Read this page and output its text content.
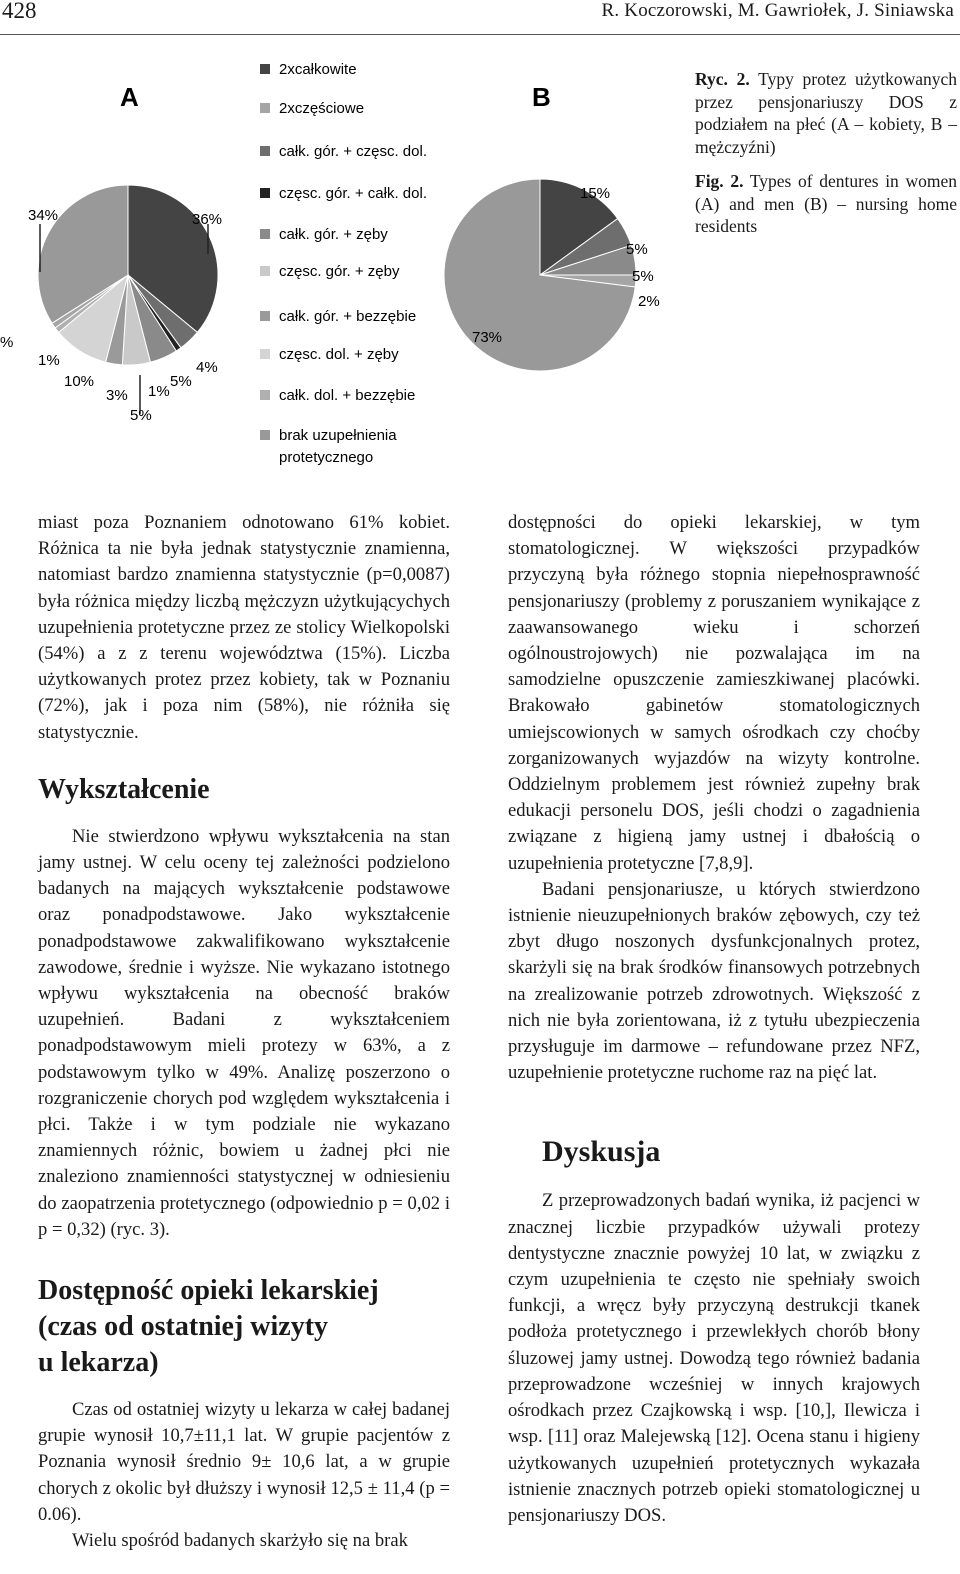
428	R. Koczorowski, M. Gawriołek, J. Siniawska
A	B
36%
4%
5%
1%
5%
3%
10%
1%
%
34%
15%
5%
5%
2%
73%
2xcałkowite
2xczęściowe
całk. gór. + częsc. dol.
częsc. gór. + całk. dol.
całk. gór. + zęby
częsc. gór. + zęby
całk. gór. + bezzębie
częsc. dol. + zęby
całk. dol. + bezzębie
brak uzupełnienia
protetycznego

Ryc. 2. Typy protez użytkowanych przez pensjonariuszy DOS z podziałem na płeć (A – kobiety, B – mężczyźni)

Fig. 2. Types of dentures in women (A) and men (B) – nursing home residents

miast poza Poznaniem odnotowano 61% kobiet. Różnica ta nie była jednak statystycznie znamienna, natomiast bardzo znamienna statystycznie (p=0,0087) była różnica między liczbą mężczyzn użytkującychych uzupełnienia protetyczne przez ze stolicy Wielkopolski (54%) a z z terenu województwa (15%). Liczba użytkowanych protez przez kobiety, tak w Poznaniu (72%), jak i poza nim (58%), nie różniła się statystycznie.

Wykształcenie

Nie stwierdzono wpływu wykształcenia na stan jamy ustnej. W celu oceny tej zależności podzielono badanych na mających wykształcenie podstawowe oraz ponadpodstawowe. Jako wykształcenie ponadpodstawowe zakwalifikowano wykształcenie zawodowe, średnie i wyższe. Nie wykazano istotnego wpływu wykształcenia na obecność braków uzupełnień. Badani z wykształceniem ponadpodstawowym mieli protezy w 63%, a z podstawowym tylko w 49%. Analizę poszerzono o rozgraniczenie chorych pod względem wykształcenia i płci. Także i w tym podziale nie wykazano znamiennych różnic, bowiem u żadnej płci nie znaleziono znamienności statystycznej w odniesieniu do zaopatrzenia protetycznego (odpowiednio p = 0,02 i p = 0,32) (ryc. 3).

Dostępność opieki lekarskiej
(czas od ostatniej wizyty
u lekarza)

Czas od ostatniej wizyty u lekarza w całej badanej grupie wynosił 10,7±11,1 lat. W grupie pacjentów z Poznania wynosił średnio 9± 10,6 lat, a w grupie chorych z okolic był dłuższy i wynosił 12,5 ± 11,4 (p = 0.06).

Wielu spośród badanych skarżyło się na brak

dostępności do opieki lekarskiej, w tym stomatologicznej. W większości przypadków przyczyną była różnego stopnia niepełnosprawność pensjonariuszy (problemy z poruszaniem wynikające z zaawansowanego wieku i schorzeń ogólnoustrojowych) nie pozwalająca im na samodzielne opuszczenie zamieszkiwanej placówki. Brakowało gabinetów stomatologicznych umiejscowionych w samych ośrodkach czy choćby zorganizowanych wyjazdów na wizyty kontrolne. Oddzielnym problemem jest również zupełny brak edukacji personelu DOS, jeśli chodzi o zagadnienia związane z higieną jamy ustnej i dbałością o uzupełnienia protetyczne [7,8,9].

Badani pensjonariusze, u których stwierdzono istnienie nieuzupełnionych braków zębowych, czy też zbyt długo noszonych dysfunkcjonalnych protez, skarżyli się na brak środków finansowych potrzebnych na zrealizowanie potrzeb zdrowotnych. Większość z nich nie była zorientowana, iż z tytułu ubezpieczenia przysługuje im darmowe – refundowane przez NFZ, uzupełnienie protetyczne ruchome raz na pięć lat.

Dyskusja

Z przeprowadzonych badań wynika, iż pacjenci w znacznej liczbie przypadków używali protezy dentystyczne znacznie powyżej 10 lat, w związku z czym uzupełnienia te często nie spełniały swoich funkcji, a wręcz były przyczyną destrukcji tkanek podłoża protetycznego i przewlekłych chorób błony śluzowej jamy ustnej. Dowodzą tego również badania przeprowadzone wcześniej w innych krajowych ośrodkach przez Czajkowską i wsp. [10,], Ilewicza i wsp. [11] oraz Malejewską [12]. Ocena stanu i higieny użytkowanych uzupełnień protetycznych wykazała istnienie znacznych potrzeb opieki stomatologicznej u pensjonariuszy DOS.
